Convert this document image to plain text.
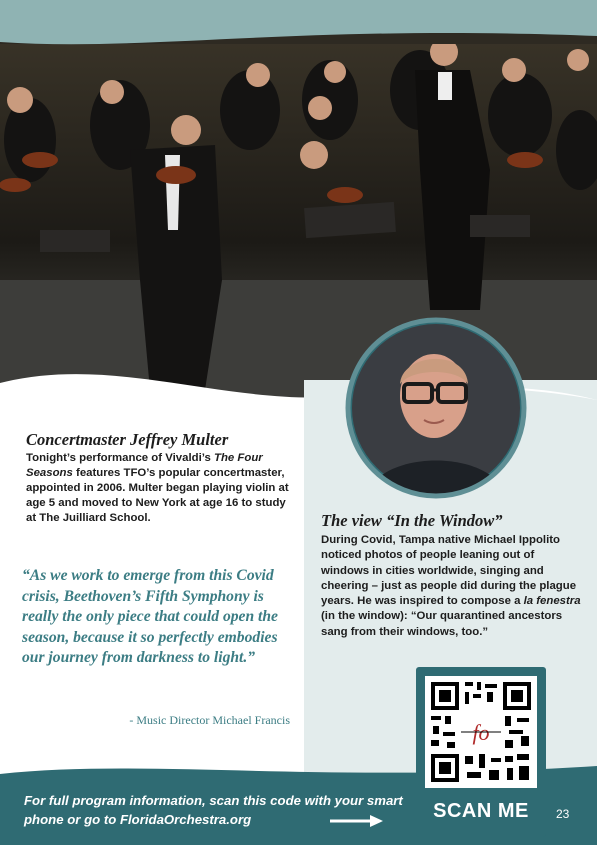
Concertmaster Jeffrey Multer

Tonight’s performance of Vivaldi’s The Four Seasons features TFO’s popular concertmaster, appointed in 2006. Multer began playing violin at age 5 and moved to New York at age 16 to study at The Juilliard School.

“As we work to emerge from this Covid crisis, Beethoven’s Fifth Symphony is really the only piece that could open the season, because it so perfectly embodies our journey from darkness to light.”

- Music Director Michael Francis

The view “In the Window”

During Covid, Tampa native Michael Ippolito noticed photos of people leaning out of windows in cities worldwide, singing and cheering – just as people did during the plague years. He was inspired to compose a la fenestra (in the window): “Our quarantined ancestors sang from their windows, too.”

For full program information, scan this code with your smart phone or go to FloridaOrchestra.org

fo

SCAN ME	23
